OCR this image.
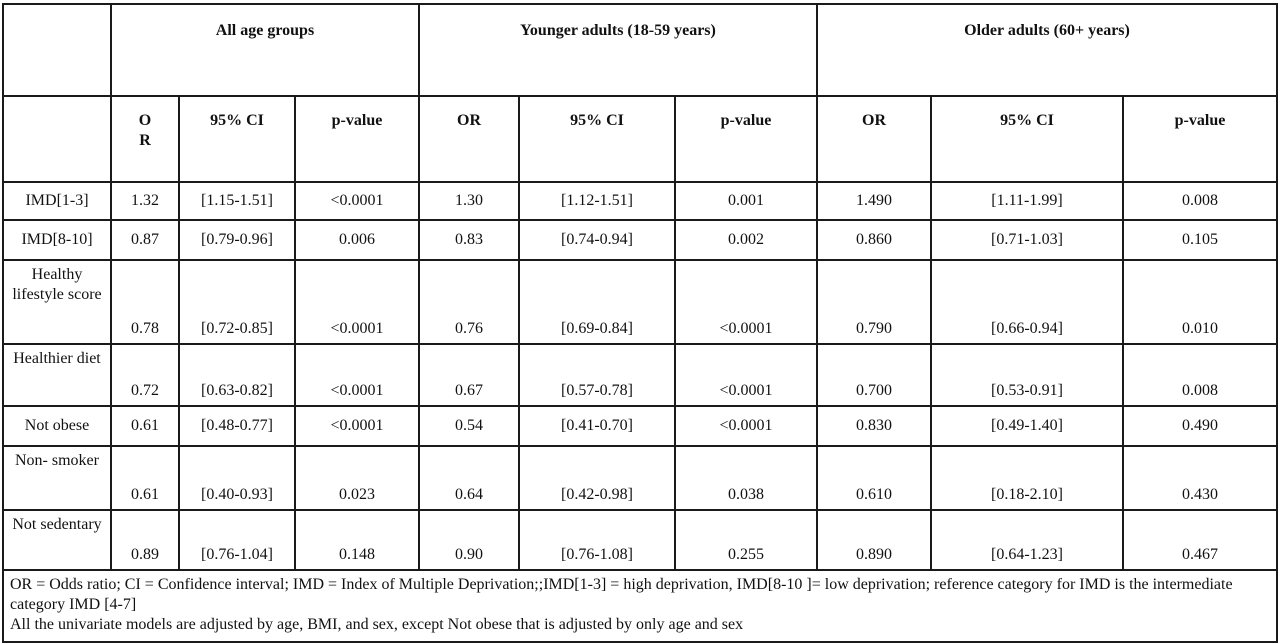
	All age groups			Younger adults (18-59 years)			Older adults (60+ years)		

	O R	95% CI	p-value	OR	95% CI	p-value	OR	95% CI	p-value
IMD[1-3]	1.32	[1.15-1.51]	<0.0001	1.30	[1.12-1.51]	0.001	1.490	[1.11-1.99]	0.008
IMD[8-10]	0.87	[0.79-0.96]	0.006	0.83	[0.74-0.94]	0.002	0.860	[0.71-1.03]	0.105
Healthy lifestyle score	0.78	[0.72-0.85]	<0.0001	0.76	[0.69-0.84]	<0.0001	0.790	[0.66-0.94]	0.010
Healthier diet	0.72	[0.63-0.82]	<0.0001	0.67	[0.57-0.78]	<0.0001	0.700	[0.53-0.91]	0.008
Not obese	0.61	[0.48-0.77]	<0.0001	0.54	[0.41-0.70]	<0.0001	0.830	[0.49-1.40]	0.490
Non- smoker	0.61	[0.40-0.93]	0.023	0.64	[0.42-0.98]	0.038	0.610	[0.18-2.10]	0.430
Not sedentary	0.89	[0.76-1.04]	0.148	0.90	[0.76-1.08]	0.255	0.890	[0.64-1.23]	0.467

OR = Odds ratio; CI = Confidence interval; IMD = Index of Multiple Deprivation;;IMD[1-3] = high deprivation, IMD[8-10 ]= low deprivation; reference category for IMD is the intermediate category IMD [4-7]
All the univariate models are adjusted by age, BMI, and sex, except Not obese that is adjusted by only age and sex									
